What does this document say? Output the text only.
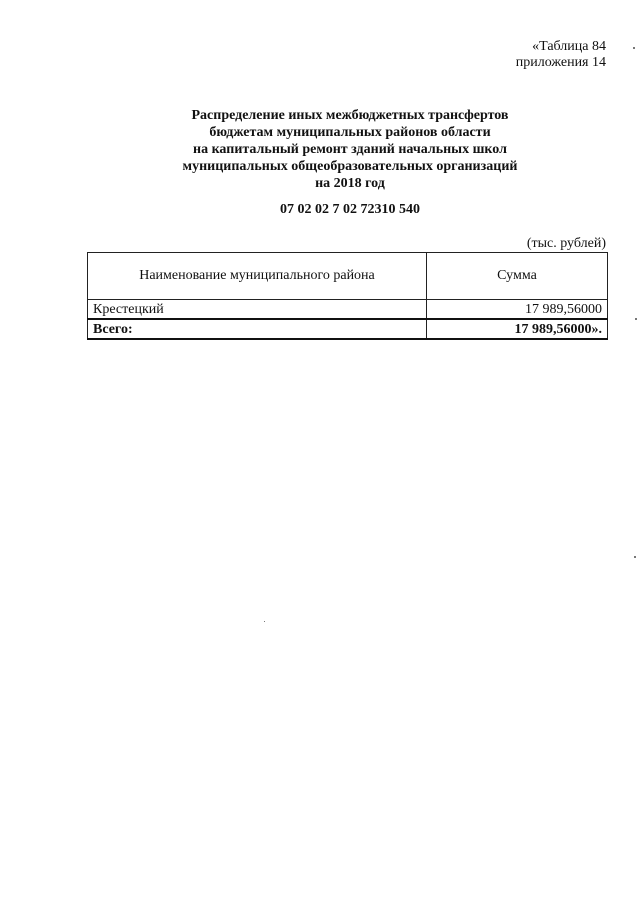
«Таблица 84
приложения 14
Распределение иных межбюджетных трансфертов
бюджетам муниципальных районов области
на капитальный ремонт зданий начальных школ
муниципальных общеобразовательных организаций
на 2018 год
07 02 02 7 02 72310 540
(тыс. рублей)
Наименование муниципального района	Сумма
Крестецкий	17 989,56000
Всего:	17 989,56000».
